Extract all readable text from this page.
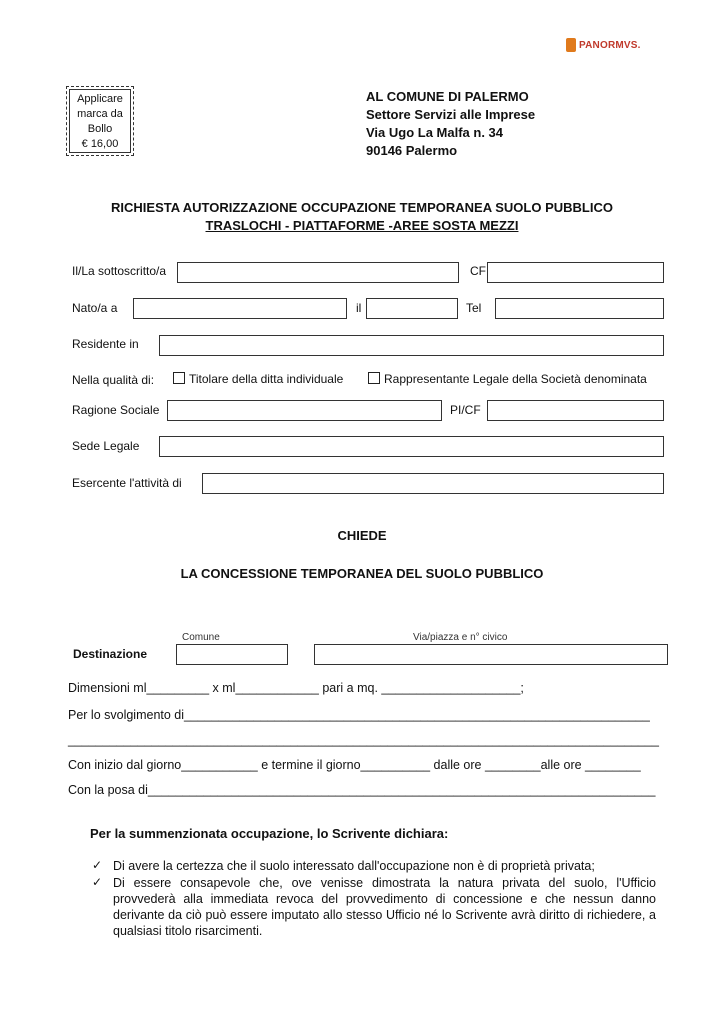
PANORMVS.
Applicare
marca da
Bollo
€ 16,00
AL COMUNE DI PALERMO
Settore Servizi alle Imprese
Via Ugo La Malfa n. 34
90146 Palermo
RICHIESTA AUTORIZZAZIONE OCCUPAZIONE TEMPORANEA SUOLO PUBBLICO
TRASLOCHI - PIATTAFORME -AREE SOSTA MEZZI
Il/La sottoscritto/a	CF
Nato/a a	il	Tel
Residente in
Nella qualità di:	Titolare della ditta individuale	Rappresentante Legale della Società denominata
Ragione Sociale	PI/CF
Sede Legale
Esercente l'attività di
CHIEDE
LA CONCESSIONE TEMPORANEA DEL SUOLO PUBBLICO
Comune	Via/piazza e n° civico
Destinazione
Dimensioni ml_________ x ml____________ pari a mq. ____________________;
Per lo svolgimento di___________________________________________________________________
_____________________________________________________________________________________
Con inizio dal giorno___________ e termine il giorno__________ dalle ore ________alle ore ________
Con la posa di_________________________________________________________________________
Per la summenzionata occupazione, lo Scrivente dichiara:
✓ Di avere la certezza che il suolo interessato dall'occupazione non è di proprietà privata;
✓ Di essere consapevole che, ove venisse dimostrata la natura privata del suolo, l'Ufficio provvederà alla immediata revoca del provvedimento di concessione e che nessun danno derivante da ciò può essere imputato allo stesso Ufficio né lo Scrivente avrà diritto di richiedere, a qualsiasi titolo risarcimenti.
